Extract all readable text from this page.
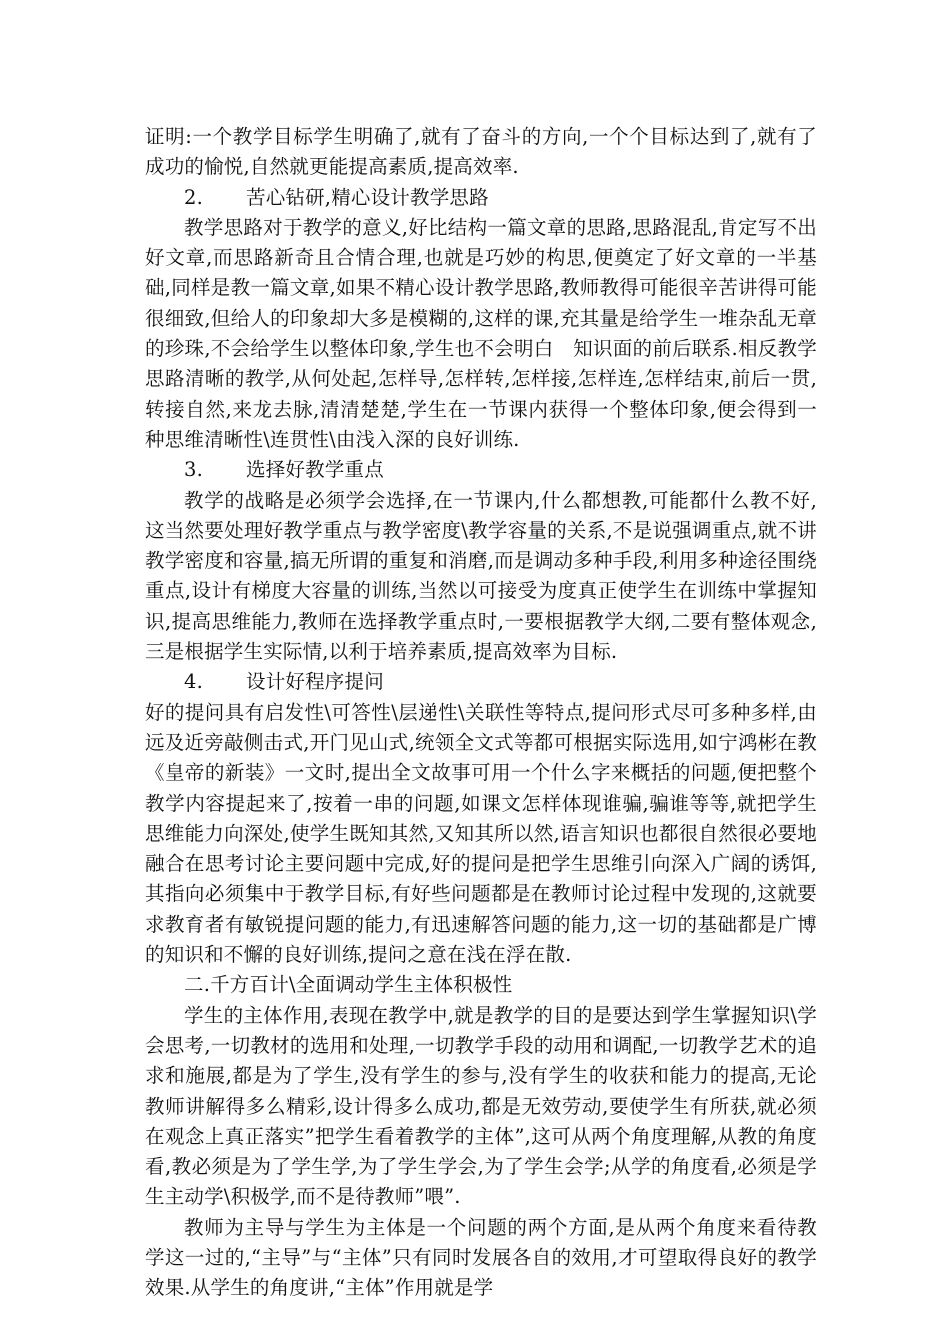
证明:一个教学目标学生明确了,就有了奋斗的方向,一个个目标达到了,就有了成功的愉悦,自然就更能提高素质,提高效率.

2. 苦心钻研,精心设计教学思路

教学思路对于教学的意义,好比结构一篇文章的思路,思路混乱,肯定写不出好文章,而思路新奇且合情合理,也就是巧妙的构思,便奠定了好文章的一半基础,同样是教一篇文章,如果不精心设计教学思路,教师教得可能很辛苦讲得可能很细致,但给人的印象却大多是模糊的,这样的课,充其量是给学生一堆杂乱无章的珍珠,不会给学生以整体印象,学生也不会明白　知识面的前后联系.相反教学思路清晰的教学,从何处起,怎样导,怎样转,怎样接,怎样连,怎样结束,前后一贯,转接自然,来龙去脉,清清楚楚,学生在一节课内获得一个整体印象,便会得到一种思维清晰性\连贯性\由浅入深的良好训练.

3. 选择好教学重点

教学的战略是必须学会选择,在一节课内,什么都想教,可能都什么教不好,这当然要处理好教学重点与教学密度\教学容量的关系,不是说强调重点,就不讲教学密度和容量,搞无所谓的重复和消磨,而是调动多种手段,利用多种途径围绕重点,设计有梯度大容量的训练,当然以可接受为度真正使学生在训练中掌握知识,提高思维能力,教师在选择教学重点时,一要根据教学大纲,二要有整体观念,三是根据学生实际情,以利于培养素质,提高效率为目标.

4. 设计好程序提问

好的提问具有启发性\可答性\层递性\关联性等特点,提问形式尽可多种多样,由远及近旁敲侧击式,开门见山式,统领全文式等都可根据实际选用,如宁鸿彬在教《皇帝的新装》一文时,提出全文故事可用一个什么字来概括的问题,便把整个教学内容提起来了,按着一串的问题,如课文怎样体现谁骗,骗谁等等,就把学生思维能力向深处,使学生既知其然,又知其所以然,语言知识也都很自然很必要地融合在思考讨论主要问题中完成,好的提问是把学生思维引向深入广阔的诱饵,其指向必须集中于教学目标,有好些问题都是在教师讨论过程中发现的,这就要求教育者有敏锐提问题的能力,有迅速解答问题的能力,这一切的基础都是广博的知识和不懈的良好训练,提问之意在浅在浮在散.

二.千方百计\全面调动学生主体积极性

学生的主体作用,表现在教学中,就是教学的目的是要达到学生掌握知识\学会思考,一切教材的选用和处理,一切教学手段的动用和调配,一切教学艺术的追求和施展,都是为了学生,没有学生的参与,没有学生的收获和能力的提高,无论教师讲解得多么精彩,设计得多么成功,都是无效劳动,要使学生有所获,就必须在观念上真正落实”把学生看着教学的主体”,这可从两个角度理解,从教的角度看,教必须是为了学生学,为了学生学会,为了学生会学;从学的角度看,必须是学生主动学\积极学,而不是待教师”喂”.

教师为主导与学生为主体是一个问题的两个方面,是从两个角度来看待教学这一过的,“主导”与“主体”只有同时发展各自的效用,才可望取得良好的教学效果.从学生的角度讲,“主体”作用就是学
